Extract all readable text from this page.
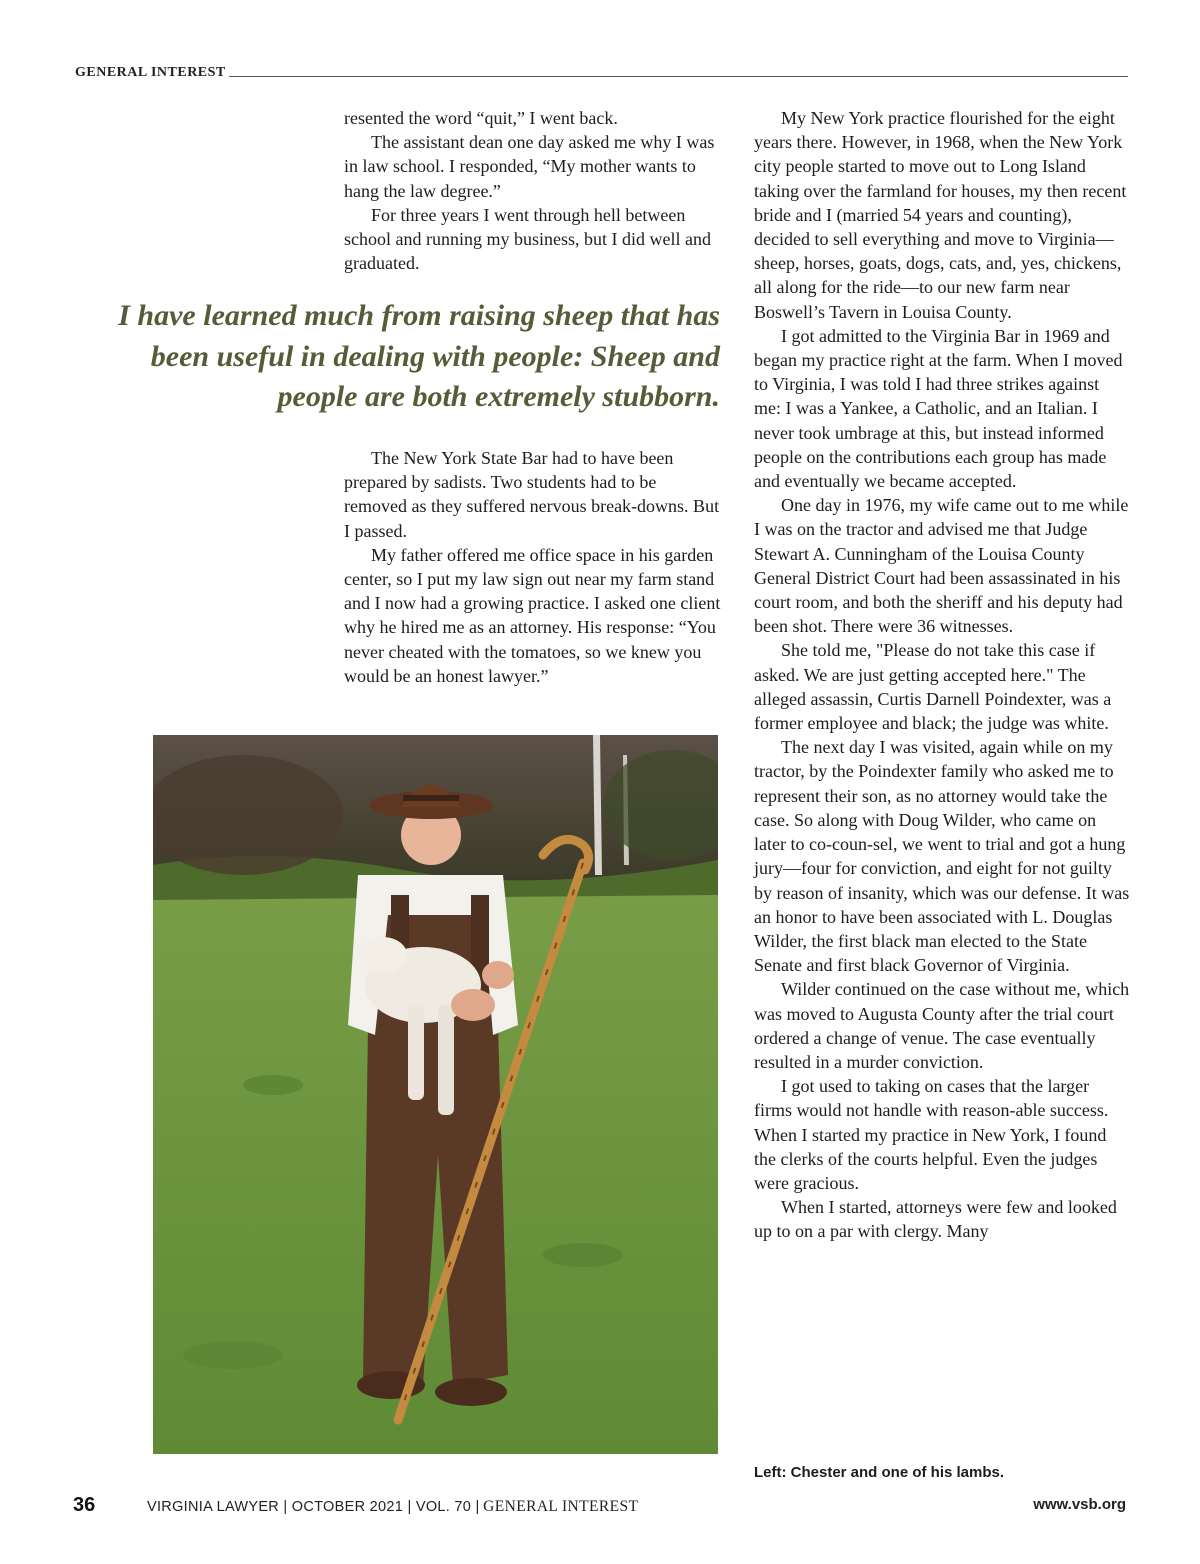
GENERAL INTEREST

resented the word “quit,” I went back.

The assistant dean one day asked me why I was in law school. I responded, “My mother wants to hang the law degree.”

For three years I went through hell between school and running my business, but I did well and graduated.

I have learned much from raising sheep that has been useful in dealing with people: Sheep and people are both extremely stubborn.

The New York State Bar had to have been prepared by sadists. Two students had to be removed as they suffered nervous break-downs. But I passed.

My father offered me office space in his garden center, so I put my law sign out near my farm stand and I now had a growing practice. I asked one client why he hired me as an attorney. His response: “You never cheated with the tomatoes, so we knew you would be an honest lawyer.”

My New York practice flourished for the eight years there. However, in 1968, when the New York city people started to move out to Long Island taking over the farmland for houses, my then recent bride and I (married 54 years and counting), decided to sell everything and move to Virginia—sheep, horses, goats, dogs, cats, and, yes, chickens, all along for the ride—to our new farm near Boswell’s Tavern in Louisa County.

I got admitted to the Virginia Bar in 1969 and began my practice right at the farm. When I moved to Virginia, I was told I had three strikes against me: I was a Yankee, a Catholic, and an Italian. I never took umbrage at this, but instead informed people on the contributions each group has made and eventually we became accepted.

One day in 1976, my wife came out to me while I was on the tractor and advised me that Judge Stewart A. Cunningham of the Louisa County General District Court had been assassinated in his court room, and both the sheriff and his deputy had been shot. There were 36 witnesses.

She told me, "Please do not take this case if asked. We are just getting accepted here." The alleged assassin, Curtis Darnell Poindexter, was a former employee and black; the judge was white.

The next day I was visited, again while on my tractor, by the Poindexter family who asked me to represent their son, as no attorney would take the case. So along with Doug Wilder, who came on later to co-coun-sel, we went to trial and got a hung jury—four for conviction, and eight for not guilty by reason of insanity, which was our defense. It was an honor to have been associated with L. Douglas Wilder, the first black man elected to the State Senate and first black Governor of Virginia.

Wilder continued on the case without me, which was moved to Augusta County after the trial court ordered a change of venue. The case eventually resulted in a murder conviction.

I got used to taking on cases that the larger firms would not handle with reason-able success. When I started my practice in New York, I found the clerks of the courts helpful. Even the judges were gracious.

When I started, attorneys were few and looked up to on a par with clergy. Many

Left: Chester and one of his lambs.
36	VIRGINIA LAWYER | OCTOBER 2021 | VOL. 70 | GENERAL INTEREST	www.vsb.org
